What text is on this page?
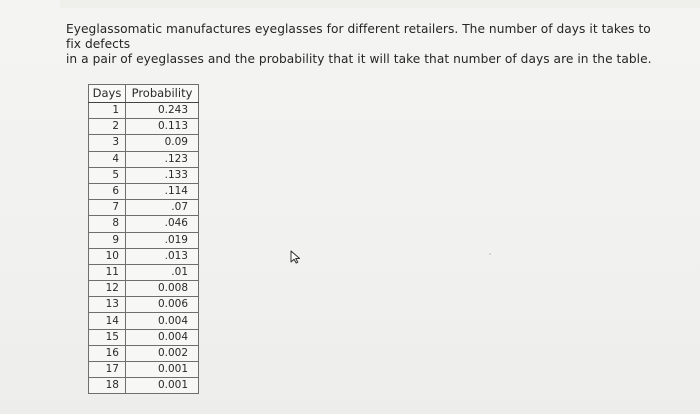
Eyeglassomatic manufactures eyeglasses for different retailers. The number of days it takes to fix defects

in a pair of eyeglasses and the probability that it will take that number of days are in the table.

Days	Probability
1	0.243
2	0.113
3	0.09
4	.123
5	.133
6	.114
7	.07
8	.046
9	.019
10	.013
11	.01
12	0.008
13	0.006
14	0.004
15	0.004
16	0.002
17	0.001
18	0.001
